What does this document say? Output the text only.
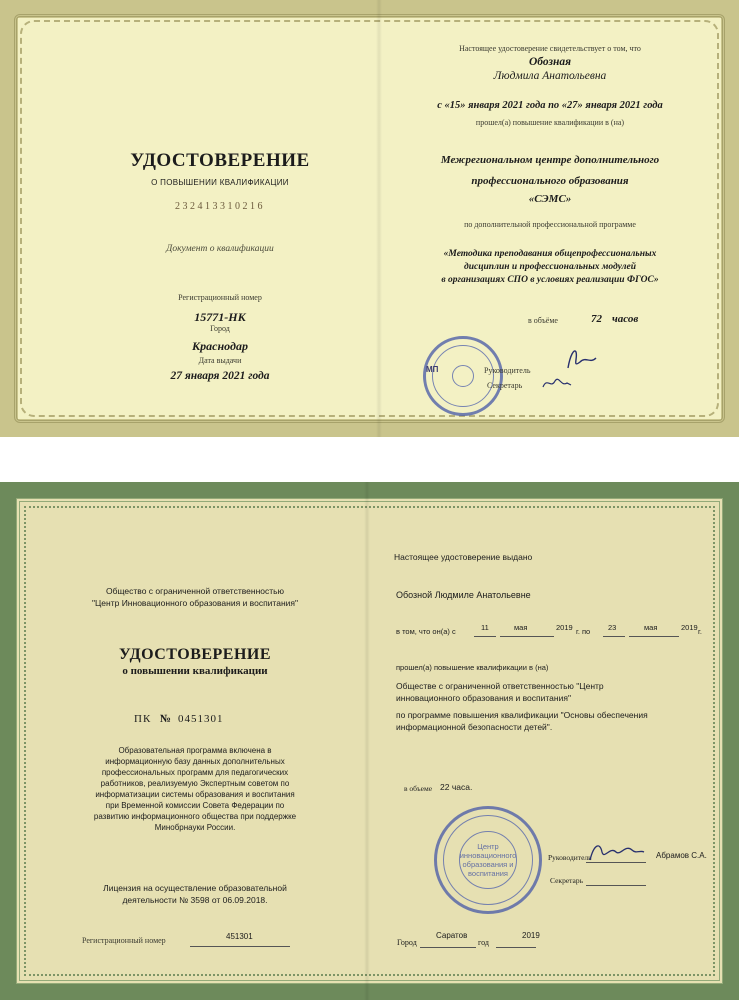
УДОСТОВЕРЕНИЕ
О ПОВЫШЕНИИ КВАЛИФИКАЦИИ
232413310216
Документ о квалификации
Регистрационный номер
15771-НК
Город
Краснодар
Дата выдачи
27 января 2021 года
Настоящее удостоверение свидетельствует о том, что
Обозная
Людмила Анатольевна
с «15» января 2021 года по «27» января 2021 года
прошел(а) повышение квалификации в (на)
Межрегиональном центре дополнительного
профессионального образования
«СЭМС»
по дополнительной профессиональной программе
«Методика преподавания общепрофессиональных
дисциплин и профессиональных модулей
в организациях СПО в условиях реализации ФГОС»
в объёме	72 часов
МП	Руководитель
Секретарь
Общество с ограниченной ответственностью
"Центр Инновационного образования и воспитания"
УДОСТОВЕРЕНИЕ
о повышении квалификации
ПК № 0451301
Образовательная программа включена в
информационную базу данных дополнительных
профессиональных программ для педагогических
работников, реализуемую Экспертным советом по
информатизации системы образования и воспитания
при Временной комиссии Совета Федерации по
развитию информационного общества при поддержке
Минобрнауки России.
Лицензия на осуществление образовательной
деятельности № 3598 от 06.09.2018.
Регистрационный номер	451301
Настоящее удостоверение выдано
Обозной Людмиле Анатольевне
в том, что он(а) с	11	мая	2019 г. по 23	мая	2019 г.
прошел(а) повышение квалификации в (на)
Обществе с ограниченной ответственностью "Центр
инновационного образования и воспитания"
по программе повышения квалификации "Основы обеспечения
информационной безопасности детей".
в объеме 22 часа.
Центр инновационного образования и воспитания
Руководитель	Абрамов С.А.
Секретарь
Город
Саратов
год
2019
